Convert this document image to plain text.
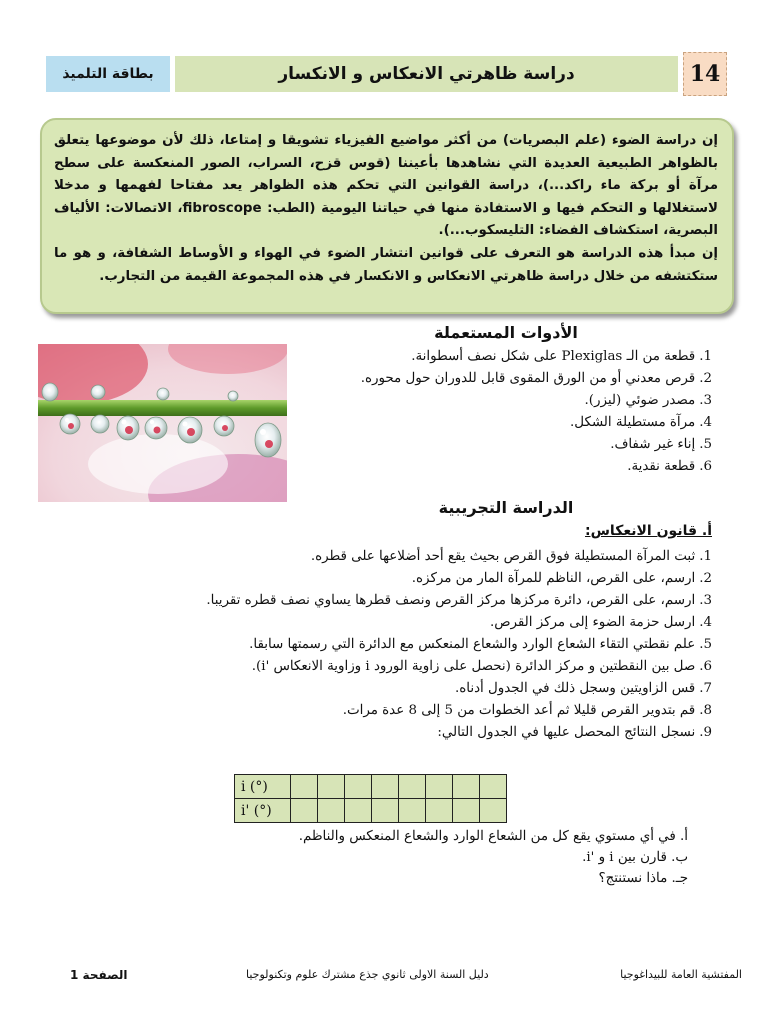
14
دراسة ظاهرتي الانعكاس و الانكسار
بطاقة التلميذ

إن دراسة الضوء (علم البصريات) من أكثر مواضيع الفيزياء تشويقا و إمتاعا، ذلك لأن موضوعها يتعلق بالظواهر الطبيعية العديدة التي نشاهدها بأعيننا (قوس قزح، السراب، الصور المنعكسة على سطح مرآة أو بركة ماء راكد...)، دراسة القوانين التي تحكم هذه الظواهر يعد مفتاحا لفهمها و مدخلا لاستغلالها و التحكم فيها و الاستفادة منها في حياتنا اليومية (الطب: fibroscope، الاتصالات: الألياف البصرية، استكشاف الفضاء: التليسكوب...).

إن مبدأ هذه الدراسة هو التعرف على قوانين انتشار الضوء في الهواء و الأوساط الشفافة، و هو ما ستكتشفه من خلال دراسة ظاهرتي الانعكاس و الانكسار في هذه المجموعة القيمة من التجارب.

الأدوات المستعملة
1.قطعة من الـ Plexiglas على شكل نصف أسطوانة.
2.قرص معدني أو من الورق المقوى قابل للدوران حول محوره.
3.مصدر ضوئي (ليزر).
4.مرآة مستطيلة الشكل.
5.إناء غير شفاف.
6.قطعة نقدية.
الدراسة التجريبية
أ. قانون الانعكاس:
1.ثبت المرآة المستطيلة فوق القرص بحيث يقع أحد أضلاعها على قطره.
2.ارسم، على القرص، الناظم للمرآة المار من مركزه.
3.ارسم، على القرص، دائرة مركزها مركز القرص ونصف قطرها يساوي نصف قطره تقريبا.
4.ارسل حزمة الضوء إلى مركز القرص.
5.علم نقطتي التقاء الشعاع الوارد والشعاع المنعكس مع الدائرة التي رسمتها سابقا.
6.صل بين النقطتين و مركز الدائرة (نحصل على زاوية الورود i وزاوية الانعكاس 'i).
7.قس الزاويتين وسجل ذلك في الجدول أدناه.
8.قم بتدوير القرص قليلا ثم أعد الخطوات من 5 إلى 8 عدة مرات.
9.نسجل النتائج المحصل عليها في الجدول التالي:
i (°)								
i' (°)								
أ. في أي مستوي يقع كل من الشعاع الوارد والشعاع المنعكس والناظم.
ب. قارن بين i و 'i.
جـ. ماذا نستنتج؟
الصفحة 1	دليل السنة الاولى ثانوي جذع مشترك علوم وتكنولوجيا	المفتشية العامة للبيداغوجيا
